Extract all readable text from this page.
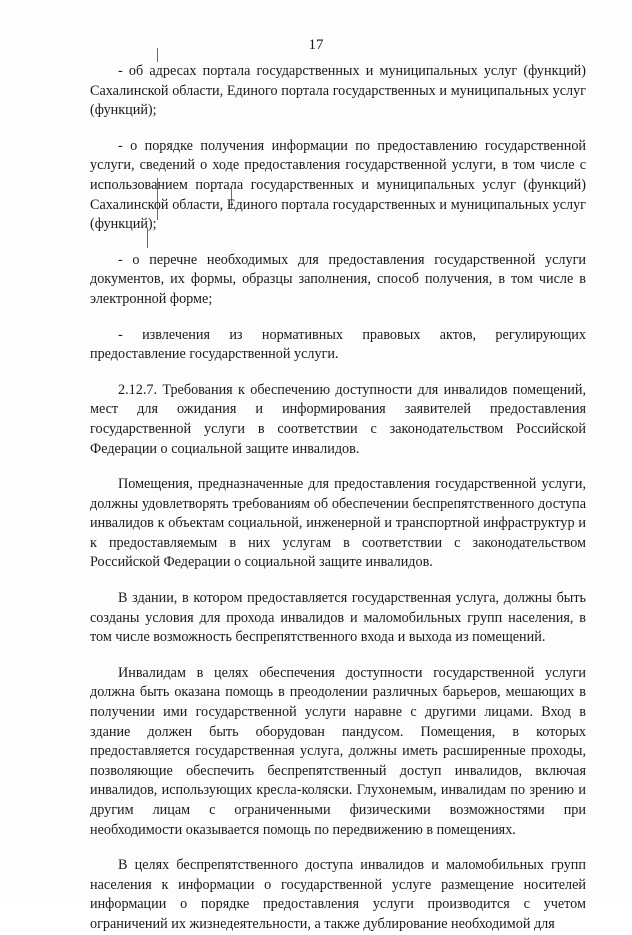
17

- об адресах портала государственных и муниципальных услуг (функций) Сахалинской области, Единого портала государственных и муниципальных услуг (функций);

- о порядке получения информации по предоставлению государственной услуги, сведений о ходе предоставления государственной услуги, в том числе с использованием портала государственных и муниципальных услуг (функций) Сахалинской области, Единого портала государственных и муниципальных услуг (функций);

- о перечне необходимых для предоставления государственной услуги документов, их формы, образцы заполнения, способ получения, в том числе в электронной форме;

- извлечения из нормативных правовых актов, регулирующих предоставление государственной услуги.

2.12.7. Требования к обеспечению доступности для инвалидов помещений, мест для ожидания и информирования заявителей предоставления государственной услуги в соответствии с законодательством Российской Федерации о социальной защите инвалидов.

Помещения, предназначенные для предоставления государственной услуги, должны удовлетворять требованиям об обеспечении беспрепятственного доступа инвалидов к объектам социальной, инженерной и транспортной инфраструктур и к предоставляемым в них услугам в соответствии с законодательством Российской Федерации о социальной защите инвалидов.

В здании, в котором предоставляется государственная услуга, должны быть созданы условия для прохода инвалидов и маломобильных групп населения, в том числе возможность беспрепятственного входа и выхода из помещений.

Инвалидам в целях обеспечения доступности государственной услуги должна быть оказана помощь в преодолении различных барьеров, мешающих в получении ими государственной услуги наравне с другими лицами. Вход в здание должен быть оборудован пандусом. Помещения, в которых предоставляется государственная услуга, должны иметь расширенные проходы, позволяющие обеспечить беспрепятственный доступ инвалидов, включая инвалидов, использующих кресла-коляски. Глухонемым, инвалидам по зрению и другим лицам с ограниченными физическими возможностями при необходимости оказывается помощь по передвижению в помещениях.

В целях беспрепятственного доступа инвалидов и маломобильных групп населения к информации о государственной услуге размещение носителей информации о порядке предоставления услуги производится с учетом ограничений их жизнедеятельности, а также дублирование необходимой для
